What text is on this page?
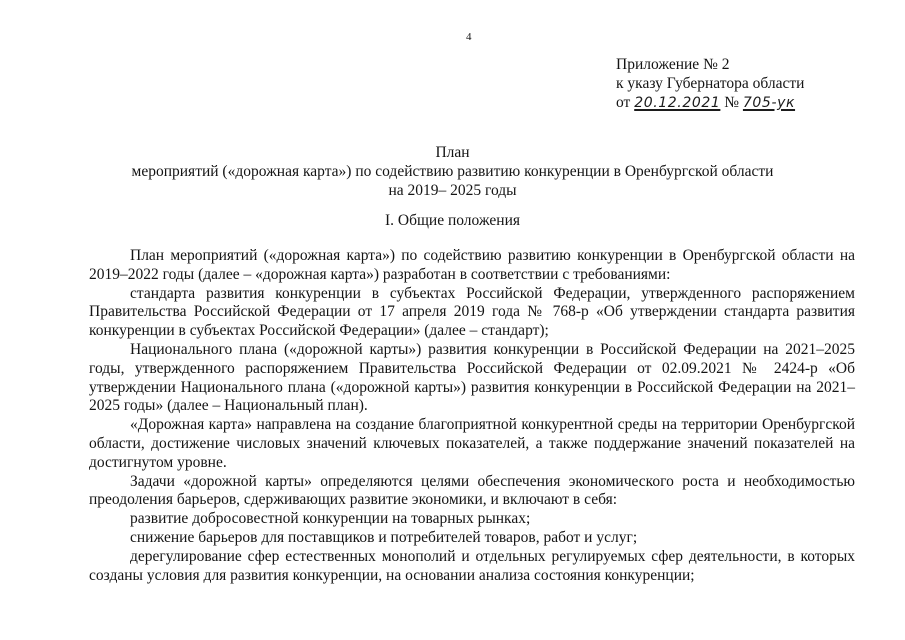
4
Приложение № 2
к указу Губернатора области
от 20.12.2021 № 705-ук
План
мероприятий («дорожная карта») по содействию развитию конкуренции в Оренбургской области
на 2019– 2025 годы
I. Общие положения

План мероприятий («дорожная карта») по содействию развитию конкуренции в Оренбургской области на 2019–2022 годы (далее – «дорожная карта») разработан в соответствии с требованиями:

стандарта развития конкуренции в субъектах Российской Федерации, утвержденного распоряжением Правительства Российской Федерации от 17 апреля 2019 года № 768-р «Об утверждении стандарта развития конкуренции в субъектах Российской Федерации» (далее – стандарт);

Национального плана («дорожной карты») развития конкуренции в Российской Федерации на 2021–2025 годы, утвержденного распоряжением Правительства Российской Федерации от 02.09.2021 № 2424-р «Об утверждении Национального плана («дорожной карты») развития конкуренции в Российской Федерации на 2021–2025 годы» (далее – Национальный план).

«Дорожная карта» направлена на создание благоприятной конкурентной среды на территории Оренбургской области, достижение числовых значений ключевых показателей, а также поддержание значений показателей на достигнутом уровне.

Задачи «дорожной карты» определяются целями обеспечения экономического роста и необходимостью преодоления барьеров, сдерживающих развитие экономики, и включают в себя:

развитие добросовестной конкуренции на товарных рынках;

снижение барьеров для поставщиков и потребителей товаров, работ и услуг;

дерегулирование сфер естественных монополий и отдельных регулируемых сфер деятельности, в которых созданы условия для развития конкуренции, на основании анализа состояния конкуренции;
